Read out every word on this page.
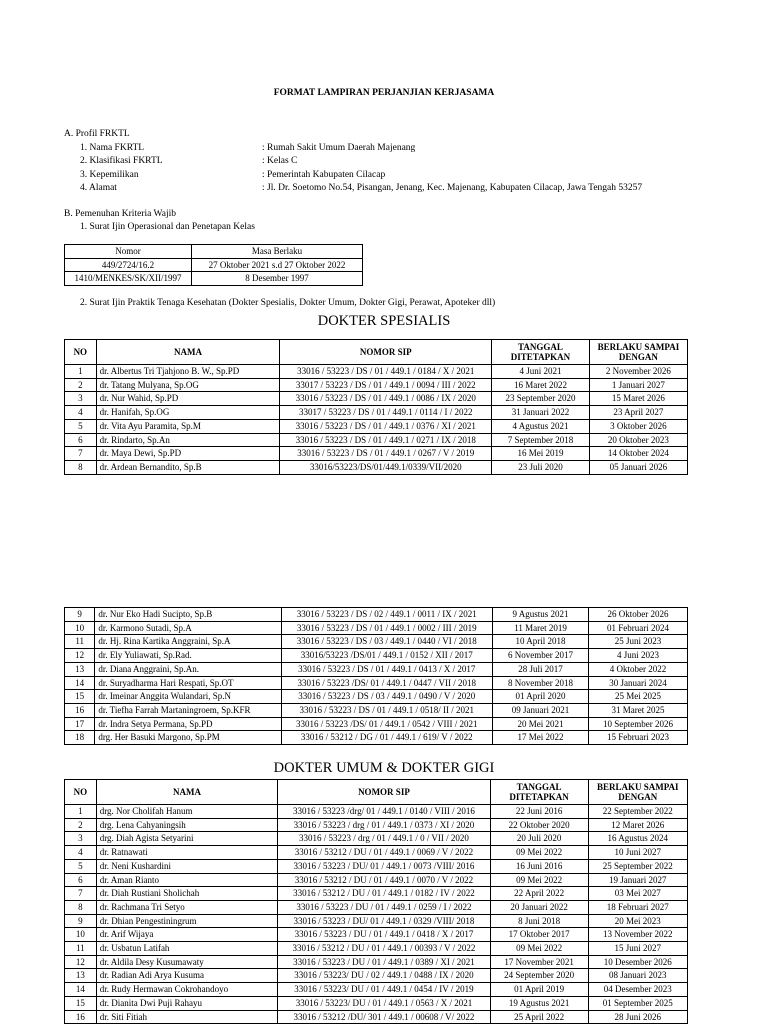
FORMAT LAMPIRAN PERJANJIAN KERJASAMA
A. Profil FRKTL
1. Nama FKRTL	: Rumah Sakit Umum Daerah Majenang
2. Klasifikasi FKRTL	: Kelas C
3. Kepemilikan	: Pemerintah Kabupaten Cilacap
4. Alamat	: Jl. Dr. Soetomo No.54, Pisangan, Jenang, Kec. Majenang, Kabupaten Cilacap, Jawa Tengah 53257
B. Pemenuhan Kriteria Wajib
1. Surat Ijin Operasional dan Penetapan Kelas
Nomor	Masa Berlaku
449/2724/16.2	27 Oktober 2021 s.d 27 Oktober 2022
1410/MENKES/SK/XII/1997	8 Desember 1997
2. Surat Ijin Praktik Tenaga Kesehatan (Dokter Spesialis, Dokter Umum, Dokter Gigi, Perawat, Apoteker dll)
DOKTER SPESIALIS
NO	NAMA	NOMOR SIP	TANGGAL DITETAPKAN	BERLAKU SAMPAI DENGAN
1	dr. Albertus Tri Tjahjono B. W., Sp.PD	33016 / 53223 / DS / 01 / 449.1 / 0184 / X / 2021	4 Juni 2021	2 November 2026
2	dr. Tatang Mulyana, Sp.OG	33017 / 53223 / DS / 01 / 449.1 / 0094 / III / 2022	16 Maret 2022	1 Januari 2027
3	dr. Nur Wahid, Sp.PD	33016 / 53223 / DS / 01 / 449.1 / 0086 / IX / 2020	23 September 2020	15 Maret 2026
4	dr. Hanifah, Sp.OG	33017 / 53223 / DS / 01 / 449.1 / 0114 / I / 2022	31 Januari 2022	23 April 2027
5	dr. Vita Ayu Paramita, Sp.M	33016 / 53223 / DS / 01 / 449.1 / 0376 / XI / 2021	4 Agustus 2021	3 Oktober 2026
6	dr. Rindarto, Sp.An	33016 / 53223 / DS / 01 / 449.1 / 0271 / IX / 2018	7 September 2018	20 Oktober 2023
7	dr. Maya Dewi, Sp.PD	33016 / 53223 / DS / 01 / 449.1 / 0267 / V / 2019	16 Mei 2019	14 Oktober 2024
8	dr. Ardean Bernandito, Sp.B	33016/53223/DS/01/449.1/0339/VII/2020	23 Juli 2020	05 Januari 2026
9	dr. Nur Eko Hadi Sucipto, Sp.B	33016 / 53223 / DS / 02 / 449.1 / 0011 / IX / 2021	9 Agustus 2021	26 Oktober 2026
10	dr. Karmono Sutadi, Sp.A	33016 / 53223 / DS / 01 / 449.1 / 0002 / III / 2019	11 Maret 2019	01 Februari 2024
11	dr. Hj. Rina Kartika Anggraini, Sp.A	33016 / 53223 / DS / 03 / 449.1 / 0440 / VI / 2018	10 April 2018	25 Juni 2023
12	dr. Ely Yuliawati, Sp.Rad.	33016/53223 /DS/01 / 449.1 / 0152 / XII / 2017	6 November 2017	4 Juni 2023
13	dr. Diana Anggraini, Sp.An.	33016 / 53223 / DS / 01 / 449.1 / 0413 / X / 2017	28 Juli 2017	4 Oktober 2022
14	dr. Suryadharma Hari Respati, Sp.OT	33016 / 53223 /DS/ 01 / 449.1 / 0447 / VII / 2018	8 November 2018	30 Januari 2024
15	dr. Imeinar Anggita Wulandari, Sp.N	33016 / 53223 / DS / 03 / 449.1 / 0490 / V / 2020	01 April 2020	25 Mei 2025
16	dr. Tiefha Farrah Martaningroem, Sp.KFR	33016 / 53223 / DS / 01 / 449.1 / 0518/ II / 2021	09 Januari 2021	31 Maret 2025
17	dr. Indra Setya Permana, Sp.PD	33016 / 53223 /DS/ 01 / 449.1 / 0542 / VIII / 2021	20 Mei 2021	10 September 2026
18	drg. Her Basuki Margono, Sp.PM	33016 / 53212 / DG / 01 / 449.1 / 619/ V / 2022	17 Mei 2022	15 Februari 2023
DOKTER UMUM & DOKTER GIGI
NO	NAMA	NOMOR SIP	TANGGAL DITETAPKAN	BERLAKU SAMPAI DENGAN
1	drg. Nor Cholifah Hanum	33016 / 53223 /drg/ 01 / 449.1 / 0140 / VIII / 2016	22 Juni 2016	22 September 2022
2	drg. Lena Cahyaningsih	33016 / 53223 / drg / 01 / 449.1 / 0373 / XI / 2020	22 Oktober 2020	12 Maret 2026
3	drg. Diah Agista Setyarini	33016 / 53223 / drg / 01 / 449.1 / 0 / VII / 2020	20 Juli 2020	16 Agustus 2024
4	dr. Ratnawati	33016 / 53212 / DU / 01 / 449.1 / 0069 / V / 2022	09 Mei 2022	10 Juni 2027
5	dr. Neni Kushardini	33016 / 53223 / DU/ 01 / 449.1 / 0073 /VIII/ 2016	16 Juni 2016	25 September 2022
6	dr. Aman Rianto	33016 / 53212 / DU / 01 / 449.1 / 0070 / V / 2022	09 Mei 2022	19 Januari 2027
7	dr. Diah Rustiani Sholichah	33016 / 53212 / DU / 01 / 449.1 / 0182 / IV / 2022	22 April 2022	03 Mei 2027
8	dr. Rachmana Tri Setyo	33016 / 53223 / DU / 01 / 449.1 / 0259 / I / 2022	20 Januari 2022	18 Februari 2027
9	dr. Dhian Pengestiningrum	33016 / 53223 / DU/ 01 / 449.1 / 0329 /VIII/ 2018	8 Juni 2018	20 Mei 2023
10	dr. Arif Wijaya	33016 / 53223 / DU / 01 / 449.1 / 0418 / X / 2017	17 Oktober 2017	13 November 2022
11	dr. Usbatun Latifah	33016 / 53212 / DU / 01 / 449.1 / 00393 / V / 2022	09 Mei 2022	15 Juni 2027
12	dr. Aldila Desy Kusumawaty	33016 / 53223 / DU / 01 / 449.1 / 0389 / XI / 2021	17 November 2021	10 Desember 2026
13	dr. Radian Adi Arya Kusuma	33016 / 53223/ DU / 02 / 449.1 / 0488 / IX / 2020	24 September 2020	08 Januari 2023
14	dr. Rudy Hermawan Cokrohandoyo	33016 / 53223/ DU / 01 / 449.1 / 0454 / IV / 2019	01 April 2019	04 Desember 2023
15	dr. Dianita Dwi Puji Rahayu	33016 / 53223/ DU / 01 / 449.1 / 0563 / X / 2021	19 Agustus 2021	01 September 2025
16	dr. Siti Fitiah	33016 / 53212 /DU/ 301 / 449.1 / 00608 / V/ 2022	25 April 2022	28 Juni 2026
